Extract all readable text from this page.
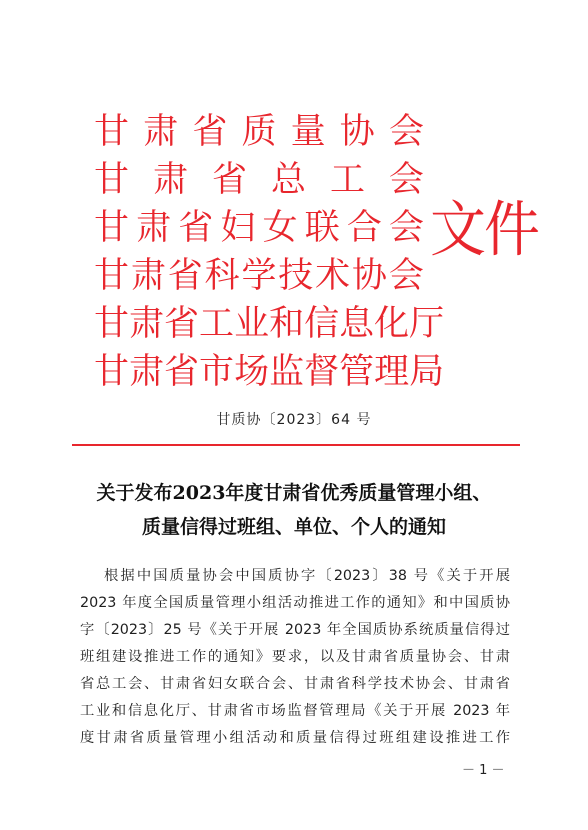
甘 肃 省 质 量 协 会
甘 肃 省 总 工 会
甘 肃 省 妇 女 联 合 会
甘 肃 省 科 学 技 术 协 会
甘 肃 省 工 业 和 信 息 化 厅
甘 肃 省 市 场 监 督 管 理 局
文件
甘质协〔2023〕64 号
关于发布2023年度甘肃省优秀质量管理小组、
质量信得过班组、单位、个人的通知
根据中国质量协会中国质协字〔2023〕38 号《关于开展
2023 年度全国质量管理小组活动推进工作的通知》和中国质协
字〔2023〕25 号《关于开展 2023 年全国质协系统质量信得过
班组建设推进工作的通知》要求，以及甘肃省质量协会、甘肃
省总工会、甘肃省妇女联合会、甘肃省科学技术协会、甘肃省
工业和信息化厅、甘肃省市场监督管理局《关于开展 2023 年
度甘肃省质量管理小组活动和质量信得过班组建设推进工作
－ 1 －
